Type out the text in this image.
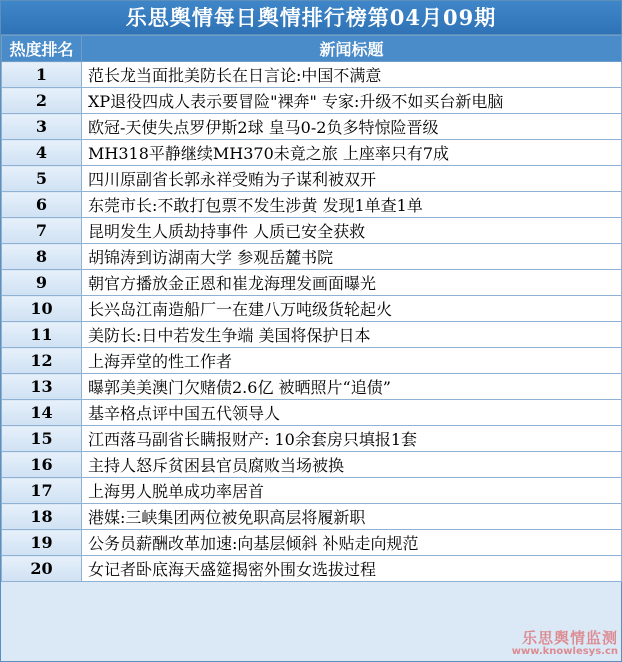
乐思舆情每日舆情排行榜第04月09期
热度排名	新闻标题
1	范长龙当面批美防长在日言论:中国不满意
2	XP退役四成人表示要冒险"裸奔" 专家:升级不如买台新电脑
3	欧冠-天使失点罗伊斯2球 皇马0-2负多特惊险晋级
4	MH318平静继续MH370未竟之旅 上座率只有7成
5	四川原副省长郭永祥受贿为子谋利被双开
6	东莞市长:不敢打包票不发生涉黄 发现1单查1单
7	昆明发生人质劫持事件 人质已安全获救
8	胡锦涛到访湖南大学 参观岳麓书院
9	朝官方播放金正恩和崔龙海理发画面曝光
10	长兴岛江南造船厂一在建八万吨级货轮起火
11	美防长:日中若发生争端 美国将保护日本
12	上海弄堂的性工作者
13	曝郭美美澳门欠赌债2.6亿 被晒照片“追债”
14	基辛格点评中国五代领导人
15	江西落马副省长瞒报财产: 10余套房只填报1套
16	主持人怒斥贫困县官员腐败当场被换
17	上海男人脱单成功率居首
18	港媒:三峡集团两位被免职高层将履新职
19	公务员薪酬改革加速:向基层倾斜 补贴走向规范
20	女记者卧底海天盛筵揭密外围女选拔过程
乐思舆情监测
www.knowlesys.cn
